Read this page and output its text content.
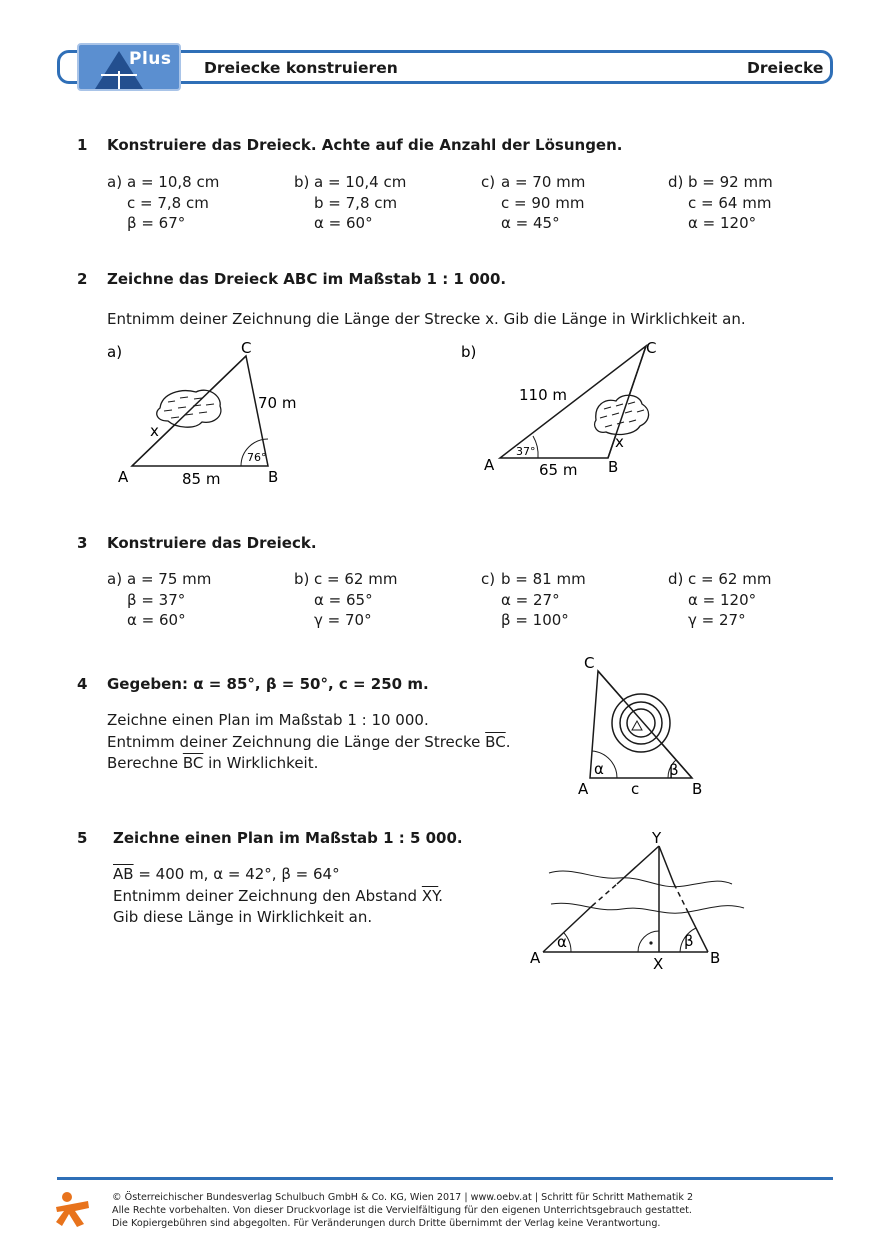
Plus Dreiecke konstruieren	Dreiecke
1 Konstruiere das Dreieck. Achte auf die Anzahl der Lösungen.
a) a = 10,8 cm
c = 7,8 cm
β = 67°
b) a = 10,4 cm
b = 7,8 cm
α = 60°
c) a = 70 mm
c = 90 mm
α = 45°
d) b = 92 mm
c = 64 mm
α = 120°
2 Zeichne das Dreieck ABC im Maßstab 1 : 1 000.
Entnimm deiner Zeichnung die Länge der Strecke x. Gib die Länge in Wirklichkeit an.
a)
76°
C
A	B
70 m
85 m
x
b)
37°
C
A	B
110 m
65 m
x
C
A	B
c
α	β
Y
A	B
X
α	β
3 Konstruiere das Dreieck.
a) a = 75 mm
β = 37°
α = 60°
b) c = 62 mm
α = 65°
γ = 70°
c) b = 81 mm
α = 27°
β = 100°
d) c = 62 mm
α = 120°
γ = 27°
4 Gegeben: α = 85°, β = 50°, c = 250 m.
Zeichne einen Plan im Maßstab 1 : 10 000.
Entnimm deiner Zeichnung die Länge der Strecke $\overline{BC}$.
Berechne $\overline{BC}$ in Wirklichkeit.
5 Zeichne einen Plan im Maßstab 1 : 5 000.
$\overline{AB} = 400$ m, α = 42°, β = 64°
Entnimm deiner Zeichnung den Abstand $\overline{XY}$.
Gib diese Länge in Wirklichkeit an.
© Österreichischer Bundesverlag Schulbuch GmbH & Co. KG, Wien 2017 | www.oebv.at | Schritt für Schritt Mathematik 2
Alle Rechte vorbehalten. Von dieser Druckvorlage ist die Vervielfältigung für den eigenen Unterrichtsgebrauch gestattet.
Die Kopiergebühren sind abgegolten. Für Veränderungen durch Dritte übernimmt der Verlag keine Verantwortung.
